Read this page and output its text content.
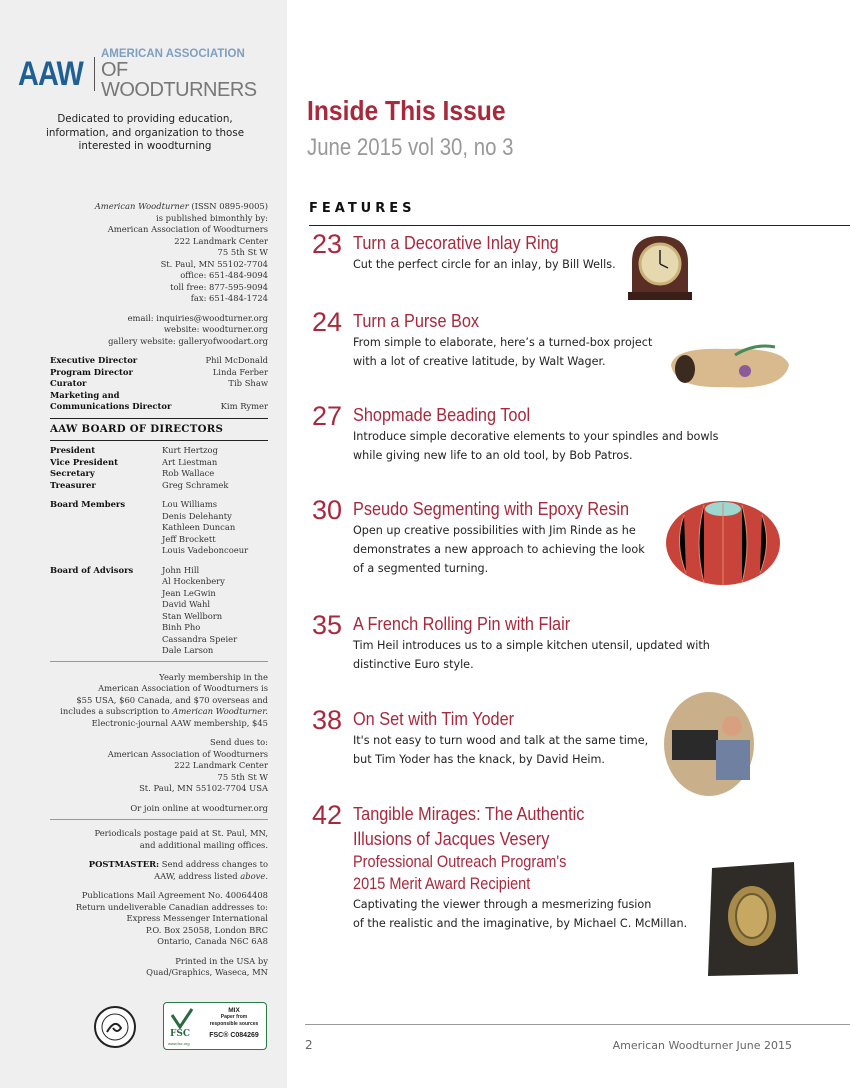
AAW
AMERICAN ASSOCIATION
OF WOODTURNERS
Dedicated to providing education, information, and organization to those interested in woodturning
American Woodturner (ISSN 0895-9005)
is published bimonthly by:
American Association of Woodturners
222 Landmark Center
75 5th St W
St. Paul, MN 55102-7704
office: 651-484-9094
toll free: 877-595-9094
fax: 651-484-1724
email: inquiries@woodturner.org
website: woodturner.org
gallery website: galleryofwoodart.org
Executive Director	Phil McDonald
Program Director	Linda Ferber
Curator	Tib Shaw
Marketing and
Communications Director	Kim Rymer
AAW BOARD OF DIRECTORS
President	Kurt Hertzog
Vice President	Art Liestman
Secretary	Rob Wallace
Treasurer	Greg Schramek
Board Members	Lou Williams
Denis Delehanty
Kathleen Duncan
Jeff Brockett
Louis Vadeboncoeur
Board of Advisors	John Hill
Al Hockenbery
Jean LeGwin
David Wahl
Stan Wellborn
Binh Pho
Cassandra Speier
Dale Larson
Yearly membership in the
American Association of Woodturners is
$55 USA, $60 Canada, and $70 overseas and
includes a subscription to American Woodturner.
Electronic-journal AAW membership, $45
Send dues to:
American Association of Woodturners
222 Landmark Center
75 5th St W
St. Paul, MN 55102-7704 USA
Or join online at woodturner.org
Periodicals postage paid at St. Paul, MN,
and additional mailing offices.
POSTMASTER: Send address changes to
AAW, address listed above.
Publications Mail Agreement No. 40064408
Return undeliverable Canadian addresses to:
Express Messenger International
P.O. Box 25058, London BRC
Ontario, Canada N6C 6A8
Printed in the USA by
Quad/Graphics, Waseca, MN
FSC
www.fsc.org
MIX
Paper from
responsible sources
FSC® C084269
Inside This Issue
June 2015 vol 30, no 3
FEATURES
23 Turn a Decorative Inlay Ring
Cut the perfect circle for an inlay, by Bill Wells.
24 Turn a Purse Box
From simple to elaborate, here’s a turned-box project
with a lot of creative latitude, by Walt Wager.
27 Shopmade Beading Tool
Introduce simple decorative elements to your spindles and bowls
while giving new life to an old tool, by Bob Patros.
30 Pseudo Segmenting with Epoxy Resin
Open up creative possibilities with Jim Rinde as he
demonstrates a new approach to achieving the look
of a segmented turning.
35 A French Rolling Pin with Flair
Tim Heil introduces us to a simple kitchen utensil, updated with
distinctive Euro style.
38 On Set with Tim Yoder
It's not easy to turn wood and talk at the same time,
but Tim Yoder has the knack, by David Heim.
42 Tangible Mirages: The Authentic
Illusions of Jacques Vesery
Professional Outreach Program's
2015 Merit Award Recipient
Captivating the viewer through a mesmerizing fusion
of the realistic and the imaginative, by Michael C. McMillan.
2	American Woodturner June 2015
